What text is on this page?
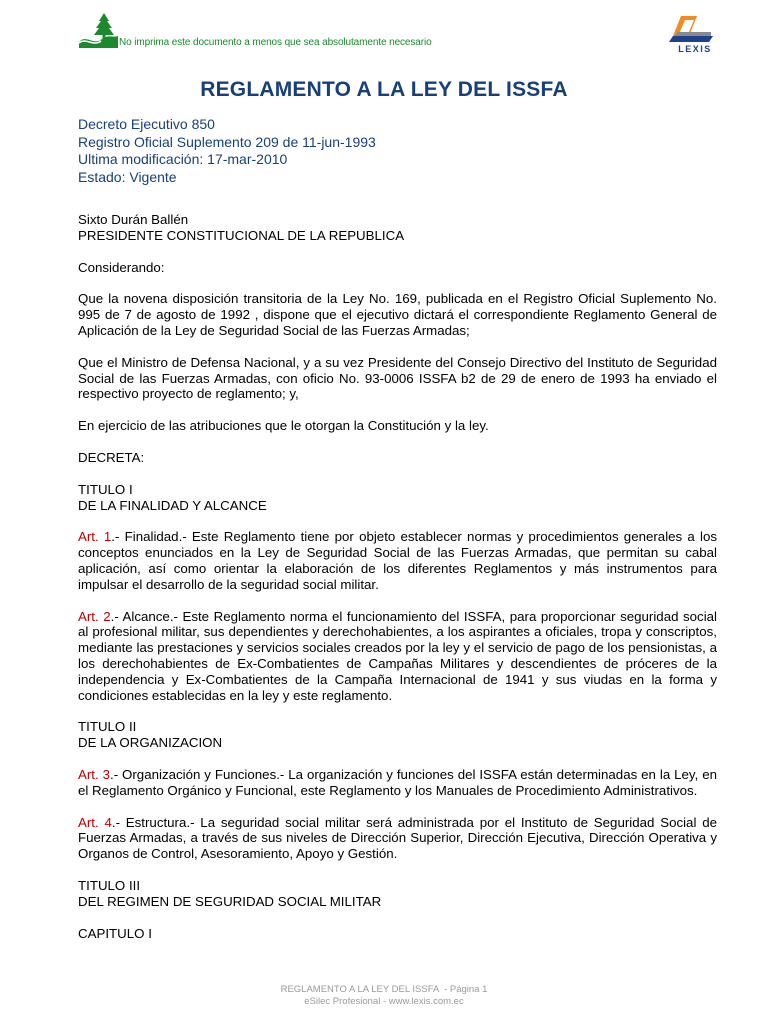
No imprima este documento a menos que sea absolutamente necesario
LEXIS
REGLAMENTO A LA LEY DEL ISSFA
Decreto Ejecutivo 850
Registro Oficial Suplemento 209 de 11-jun-1993
Ultima modificación: 17-mar-2010
Estado: Vigente
Sixto Durán Ballén
PRESIDENTE CONSTITUCIONAL DE LA REPUBLICA
Considerando:
Que la novena disposición transitoria de la Ley No. 169, publicada en el Registro Oficial Suplemento No. 995 de 7 de agosto de 1992 , dispone que el ejecutivo dictará el correspondiente Reglamento General de Aplicación de la Ley de Seguridad Social de las Fuerzas Armadas;
Que el Ministro de Defensa Nacional, y a su vez Presidente del Consejo Directivo del Instituto de Seguridad Social de las Fuerzas Armadas, con oficio No. 93-0006 ISSFA b2 de 29 de enero de 1993 ha enviado el respectivo proyecto de reglamento; y,
En ejercicio de las atribuciones que le otorgan la Constitución y la ley.
DECRETA:
TITULO I
DE LA FINALIDAD Y ALCANCE
Art. 1.- Finalidad.- Este Reglamento tiene por objeto establecer normas y procedimientos generales a los conceptos enunciados en la Ley de Seguridad Social de las Fuerzas Armadas, que permitan su cabal aplicación, así como orientar la elaboración de los diferentes Reglamentos y más instrumentos para impulsar el desarrollo de la seguridad social militar.
Art. 2.- Alcance.- Este Reglamento norma el funcionamiento del ISSFA, para proporcionar seguridad social al profesional militar, sus dependientes y derechohabientes, a los aspirantes a oficiales, tropa y conscriptos, mediante las prestaciones y servicios sociales creados por la ley y el servicio de pago de los pensionistas, a los derechohabientes de Ex-Combatientes de Campañas Militares y descendientes de próceres de la independencia y Ex-Combatientes de la Campaña Internacional de 1941 y sus viudas en la forma y condiciones establecidas en la ley y este reglamento.
TITULO II
DE LA ORGANIZACION
Art. 3.- Organización y Funciones.- La organización y funciones del ISSFA están determinadas en la Ley, en el Reglamento Orgánico y Funcional, este Reglamento y los Manuales de Procedimiento Administrativos.
Art. 4.- Estructura.- La seguridad social militar será administrada por el Instituto de Seguridad Social de Fuerzas Armadas, a través de sus niveles de Dirección Superior, Dirección Ejecutiva, Dirección Operativa y Organos de Control, Asesoramiento, Apoyo y Gestión.
TITULO III
DEL REGIMEN DE SEGURIDAD SOCIAL MILITAR
CAPITULO I
REGLAMENTO A LA LEY DEL ISSFA  - Página 1
eSilec Profesional - www.lexis.com.ec
